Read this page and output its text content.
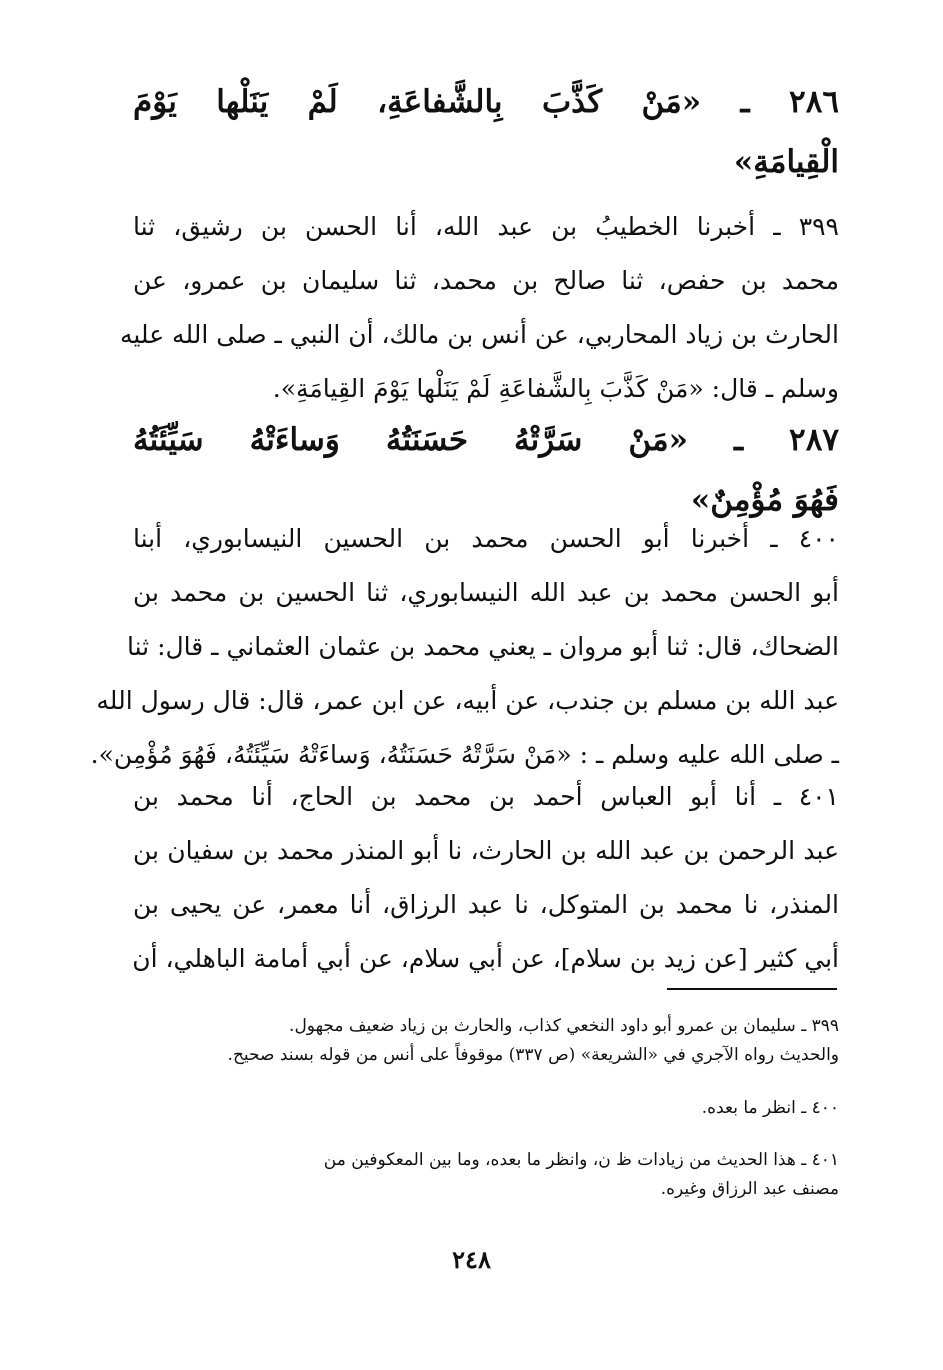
٢٨٦ ـ «مَنْ كَذَّبَ بِالشَّفاعَةِ، لَمْ يَنَلْها يَوْمَ
الْقِيامَةِ»
٣٩٩ ـ أخبرنا الخطيبُ بن عبد الله، أنا الحسن بن رشيق، ثنا
محمد بن حفص، ثنا صالح بن محمد، ثنا سليمان بن عمرو، عن
الحارث بن زياد المحاربي، عن أنس بن مالك، أن النبي ـ صلى الله عليه
وسلم ـ قال: «مَنْ كَذَّبَ بِالشَّفاعَةِ لَمْ يَنَلْها يَوْمَ القِيامَةِ».
٢٨٧ ـ «مَنْ سَرَّتْهُ حَسَنَتُهُ وَساءَتْهُ سَيِّئَتُهُ
فَهُوَ مُؤْمِنٌ»
٤٠٠ ـ أخبرنا أبو الحسن محمد بن الحسين النيسابوري، أبنا
أبو الحسن محمد بن عبد الله النيسابوري، ثنا الحسين بن محمد بن
الضحاك، قال: ثنا أبو مروان ـ يعني محمد بن عثمان العثماني ـ قال: ثنا
عبد الله بن مسلم بن جندب، عن أبيه، عن ابن عمر، قال: قال رسول الله
ـ صلى الله عليه وسلم ـ : «مَنْ سَرَّتْهُ حَسَنَتُهُ، وَساءَتْهُ سَيِّئَتُهُ، فَهُوَ مُؤْمِن».
٤٠١ ـ أنا أبو العباس أحمد بن محمد بن الحاج، أنا محمد بن
عبد الرحمن بن عبد الله بن الحارث، نا أبو المنذر محمد بن سفيان بن
المنذر، نا محمد بن المتوكل، نا عبد الرزاق، أنا معمر، عن يحيى بن
أبي كثير [عن زيد بن سلام]، عن أبي سلام، عن أبي أمامة الباهلي، أن
٣٩٩ ـ سليمان بن عمرو أبو داود النخعي كذاب، والحارث بن زياد ضعيف مجهول.
والحديث رواه الآجري في «الشريعة» (ص ٣٣٧) موقوفاً على أنس من قوله بسند صحيح.
٤٠٠ ـ انظر ما بعده.
٤٠١ ـ هذا الحديث من زيادات ظ ن، وانظر ما بعده، وما بين المعكوفين من
مصنف عبد الرزاق وغيره.
٢٤٨
